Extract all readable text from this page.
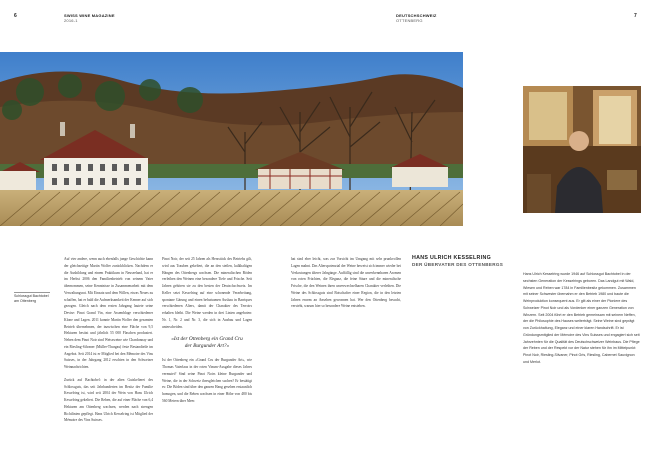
6	SWISS WINE MAGAZINE
2016-1
DEUTSCHSCHWEIZ
OTTENBERG
7
Schlossgut Bachtobel
am Ottenberg

Auf vier andere, wenn auch ebenfalls junge Geschichte kann der gleichzeitige Martin Wolfer zurückblicken. Nachdem er die Ausbildung und einem Praktikum in Neuseeland, hat er im Herbst 2006 den Familienbetrieb von seinem Vater übernommen, seine Kenntnisse in Zusammenarbeit mit dem Verwaltungsrat. Mit Einsatz und dem Willen, etwas Neues zu schaffen, hat er bald die Aufmerksamkeit der Kenner auf sich gezogen. Gleich nach dem ersten Jahrgang lautete seine Devise: Pinot Grand Vin, eine Assemblage verschiedener Klone und Lagen. 2011 konnte Martin Wolfer den gesamten Betrieb übernehmen, der inzwischen eine Fläche von 9,5 Hektaren besitzt und jährlich 55 000 Flaschen produziert. Neben dem Pinot Noir sind Weissweine wie Chardonnay und ein Riesling-Silvaner (Müller-Thurgau) feste Bestandteile im Angebot. Seit 2014 ist er Mitglied bei den Mémoire des Vins Suisses, in der Jahrgang 2012 erschien in den Schweizer Weinnachrichten.

Zurück auf Bachtobel: in der alten Gutskelterei des Schlossguts, das seit Jahrhunderten im Besitz der Familie Kesselring ist, wird seit 2004 der Wein von Hans Ulrich Kesselring gekeltert. Die Reben, die auf einer Fläche von 6,4 Hektaren am Ottenberg wachsen, werden nach strengen Richtlinien gepflegt. Hans Ulrich Kesselring ist Mitglied der Mémoire des Vins Suisses.

Pinot Noir, der seit 25 Jahren als Herzstück des Betriebs gilt, wird aus Trauben gekeltert, die an den steilen, kalkhaltigen Hängen des Ottenbergs wachsen. Die mineralischen Böden verleihen den Weinen eine besondere Tiefe und Frische. Seit Jahren gehören sie zu den besten der Deutschschweiz. Im Keller setzt Kesselring auf eine schonende Verarbeitung, spontane Gärung und einen behutsamen Ausbau in Barriques verschiedenen Alters, damit der Charakter des Terroirs erhalten bleibt. Die Weine werden in drei Linien angeboten: Nr. 1, Nr. 2 und Nr. 3, die sich in Ausbau und Lagen unterscheiden.

«Ist der Ottenberg ein Grand Cru
der Burgunder Art?»

Ist der Ottenberg ein «Grand Cru der Burgunder Art», wie Thomas Vaterlaus in der roten Vinum-Ausgabe dieses Jahres vermutet? Sind seine Pinot Noirs kleine Burgunder und Weine, die in der Schweiz ihresgleichen suchen? Er bestätigt es: Die Böden sind über den ganzen Hang gesehen erstaunlich homogen, und die Reben wachsen in einer Höhe von 480 bis 560 Metern über Meer.

hat sind eher leicht, was zur Vorsicht im Umgang mit sehr prunkvollen Lagen mahnt. Das Alterspotenzial der Weine beweist sich immer wieder bei Verkostungen älterer Jahrgänge. Auffällig sind die unverkennbaren Aromen von roten Früchten, die Eleganz, die feine Säure und die mineralische Frische, die den Weinen ihren unverwechselbaren Charakter verleihen. Die Weine des Schlossguts sind Botschafter einer Region, die in den letzten Jahren enorm an Ansehen gewonnen hat. Wer den Ottenberg besucht, versteht, warum hier so besondere Weine entstehen.

HANS ULRICH KESSELRING
DER ÜBERVATER DES OTTENBERGS
Hans Ulrich Kesselring wurde 1946 auf Schlossgut Bachtobel in der sechsten Generation der Kesselrings geboren. Das Landgut mit Wald, Wiesen und Reben war 1784 in Familienbesitz gekommen. Zusammen mit seiner Schwester übernahm er den Betrieb 1980 und baute die Weinproduktion konsequent aus. Er gilt als einer der Pioniere des Schweizer Pinot Noir und als Vordenker einer ganzen Generation von Winzern. Seit 2004 führt er den Betrieb gemeinsam mit seinem Neffen, der die Philosophie des Hauses weiterträgt. Seine Weine sind geprägt von Zurückhaltung, Eleganz und einer klaren Handschrift. Er ist Gründungsmitglied der Mémoire des Vins Suisses und engagiert sich seit Jahrzehnten für die Qualität des Deutschschweizer Weinbaus. Die Pflege der Reben und der Respekt vor der Natur stehen für ihn im Mittelpunkt: Pinot Noir, Riesling-Silvaner, Pinot Gris, Riesling, Cabernet Sauvignon und Merlot.
